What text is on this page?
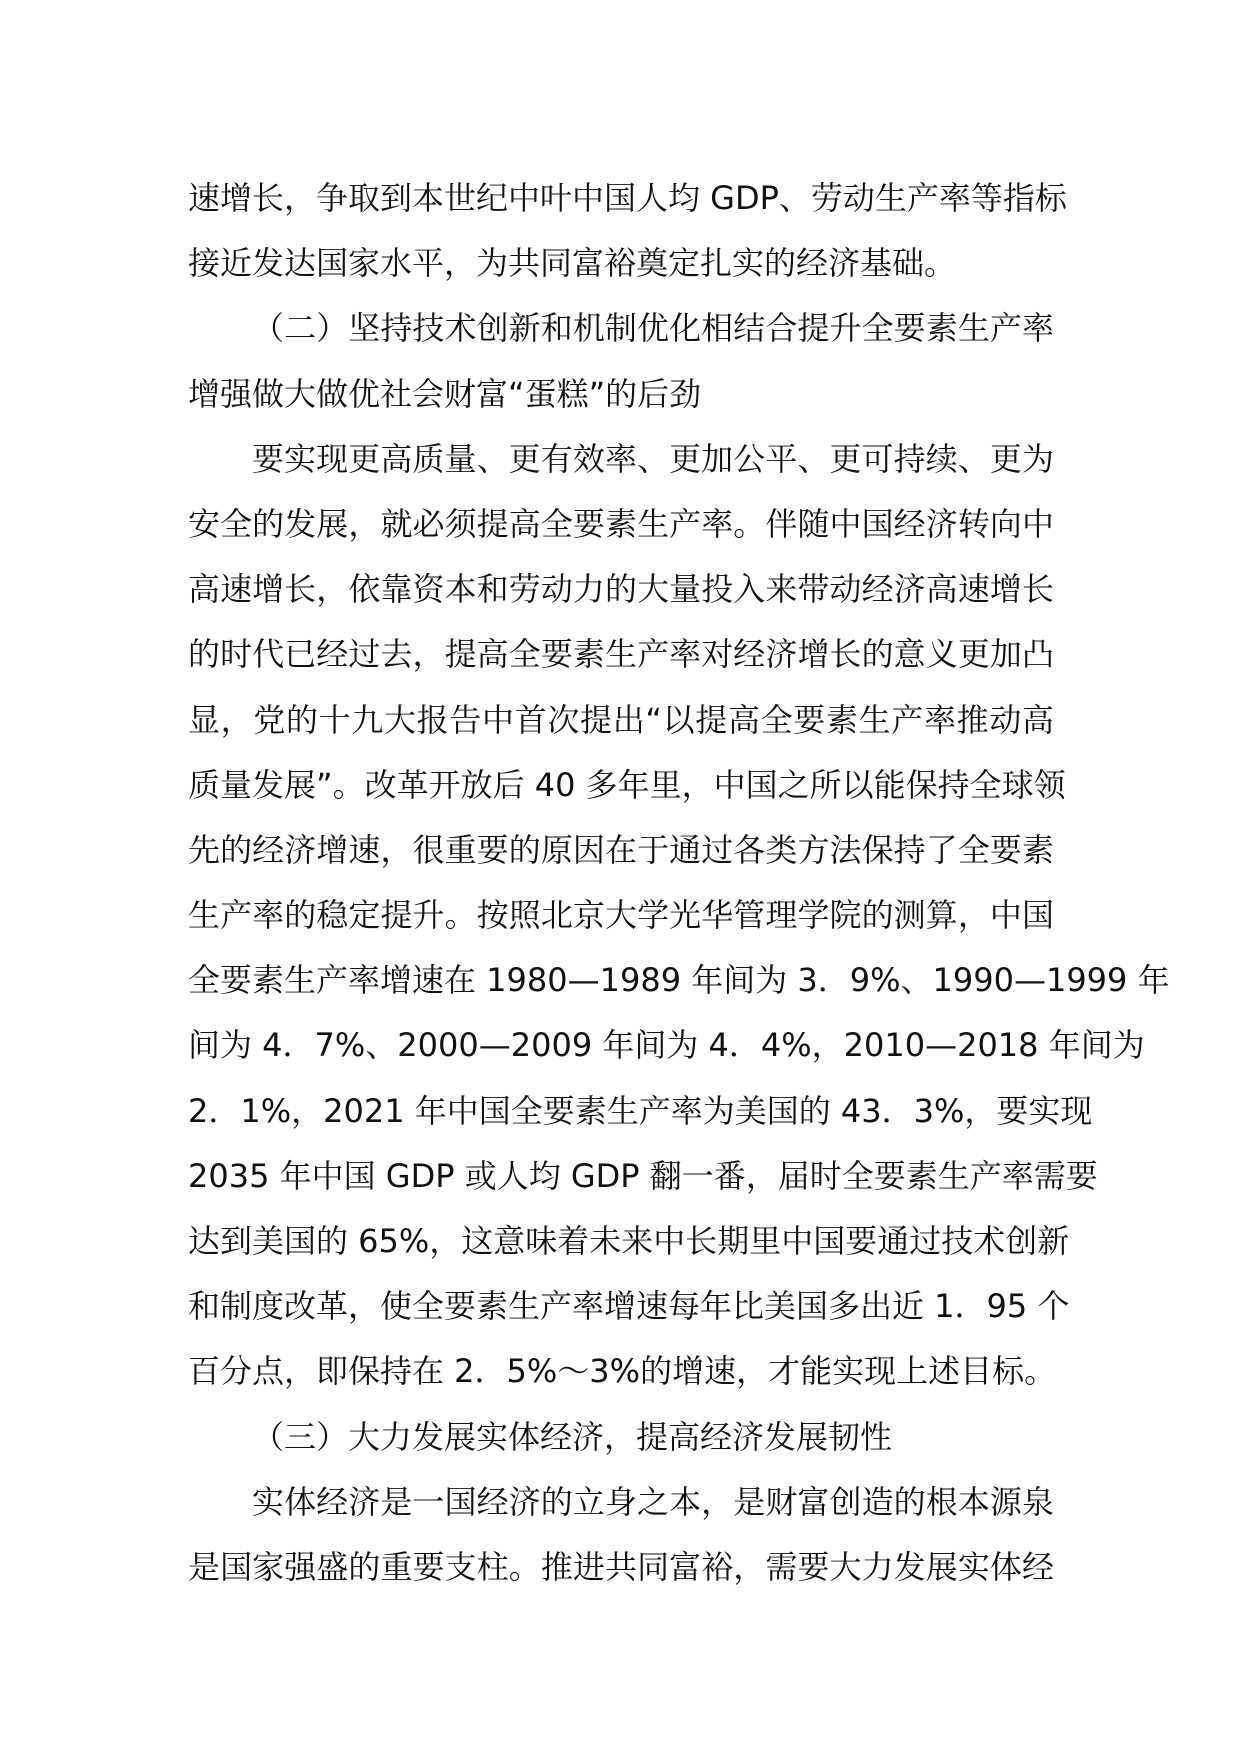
速增长，争取到本世纪中叶中国人均 GDP、劳动生产率等指标
接近发达国家水平，为共同富裕奠定扎实的经济基础。
（二）坚持技术创新和机制优化相结合提升全要素生产率
增强做大做优社会财富“蛋糕”的后劲
要实现更高质量、更有效率、更加公平、更可持续、更为
安全的发展，就必须提高全要素生产率。伴随中国经济转向中
高速增长，依靠资本和劳动力的大量投入来带动经济高速增长
的时代已经过去，提高全要素生产率对经济增长的意义更加凸
显，党的十九大报告中首次提出“以提高全要素生产率推动高
质量发展”。改革开放后 40 多年里，中国之所以能保持全球领
先的经济增速，很重要的原因在于通过各类方法保持了全要素
生产率的稳定提升。按照北京大学光华管理学院的测算，中国
全要素生产率增速在 1980—1989 年间为 3．9%、1990—1999 年
间为 4．7%、2000—2009 年间为 4．4%，2010—2018 年间为
2．1%，2021 年中国全要素生产率为美国的 43．3%，要实现
2035 年中国 GDP 或人均 GDP 翻一番，届时全要素生产率需要
达到美国的 65%，这意味着未来中长期里中国要通过技术创新
和制度改革，使全要素生产率增速每年比美国多出近 1．95 个
百分点，即保持在 2．5%～3%的增速，才能实现上述目标。
（三）大力发展实体经济，提高经济发展韧性
实体经济是一国经济的立身之本，是财富创造的根本源泉
是国家强盛的重要支柱。推进共同富裕，需要大力发展实体经
